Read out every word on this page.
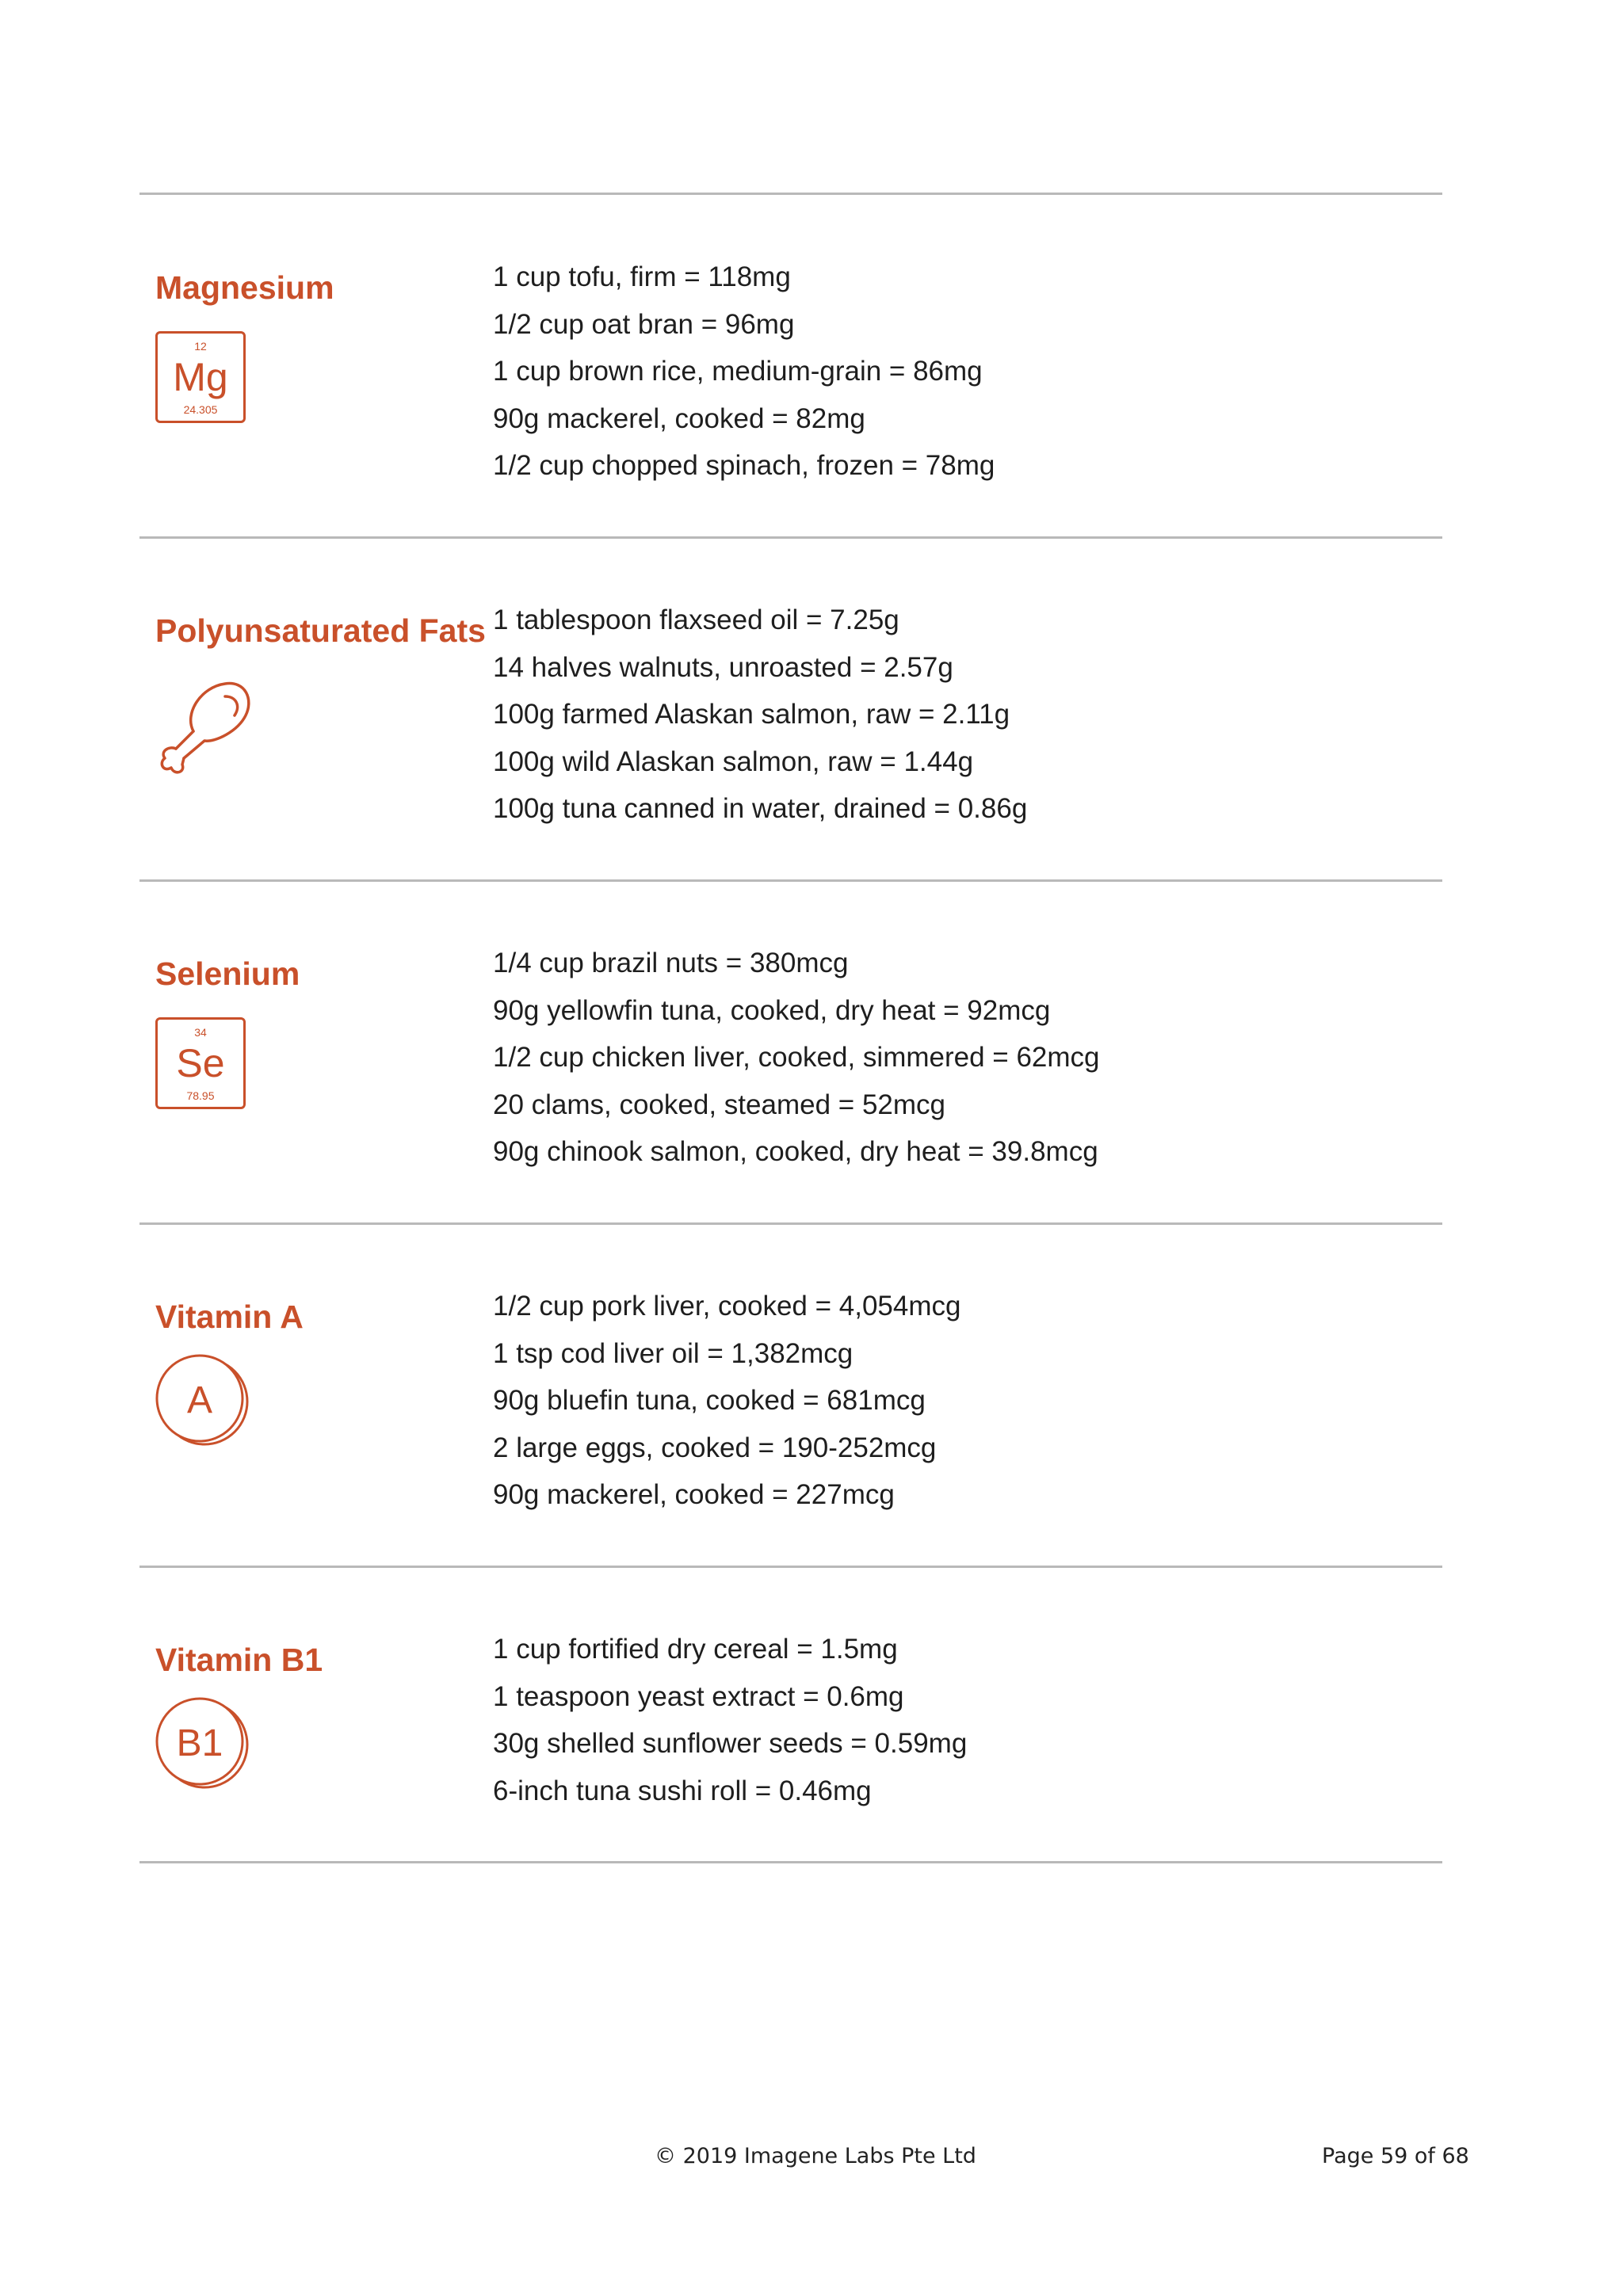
Magnesium
12
Mg
24.305
1 cup tofu, firm = 118mg
1/2 cup oat bran = 96mg
1 cup brown rice, medium-grain = 86mg
90g mackerel, cooked = 82mg
1/2 cup chopped spinach, frozen = 78mg
Polyunsaturated Fats 1 tablespoon flaxseed oil = 7.25g
14 halves walnuts, unroasted = 2.57g
100g farmed Alaskan salmon, raw = 2.11g
100g wild Alaskan salmon, raw = 1.44g
100g tuna canned in water, drained = 0.86g
Selenium
34
Se
78.95
1/4 cup brazil nuts = 380mcg
90g yellowfin tuna, cooked, dry heat = 92mcg
1/2 cup chicken liver, cooked, simmered = 62mcg
20 clams, cooked, steamed = 52mcg
90g chinook salmon, cooked, dry heat = 39.8mcg
Vitamin A
A
1/2 cup pork liver, cooked = 4,054mcg
1 tsp cod liver oil = 1,382mcg
90g bluefin tuna, cooked = 681mcg
2 large eggs, cooked = 190-252mcg
90g mackerel, cooked = 227mcg
Vitamin B1
B1
1 cup fortified dry cereal = 1.5mg
1 teaspoon yeast extract = 0.6mg
30g shelled sunflower seeds = 0.59mg
6-inch tuna sushi roll = 0.46mg
© 2019 Imagene Labs Pte Ltd	Page 59 of 68
